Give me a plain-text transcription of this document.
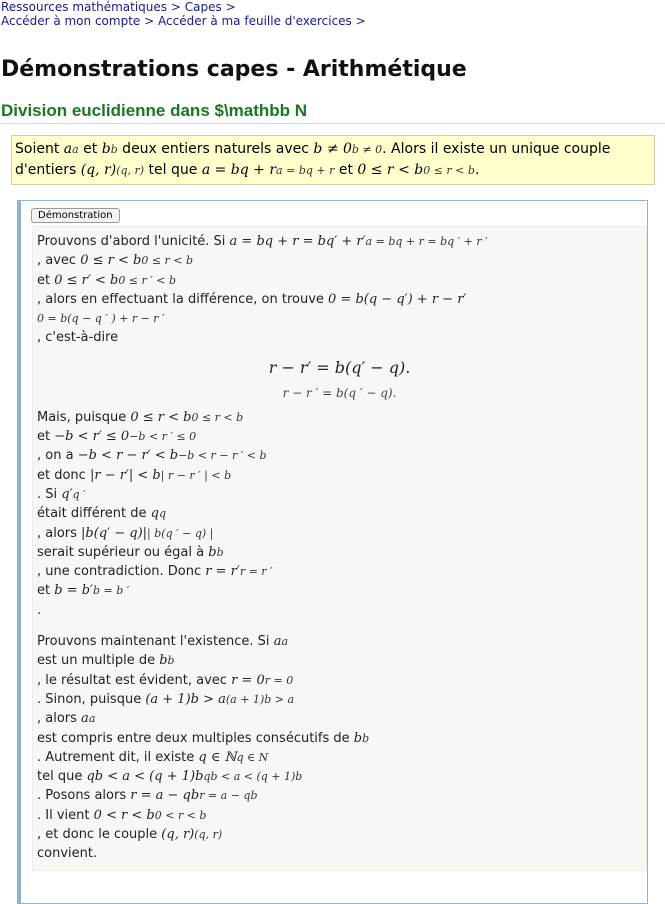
Ressources mathématiques > Capes >
Accéder à mon compte > Accéder à ma feuille d'exercices >
Démonstrations capes - Arithmétique
Division euclidienne dans $\mathbb N
Soient aa et bb deux entiers naturels avec b ≠ 0b ≠ 0. Alors il existe un unique couple
d'entiers (q, r)(q, r) tel que a = bq + ra = bq + r et 0 ≤ r < b0 ≤ r < b.
Démonstration

Prouvons d'abord l'unicité. Si a = bq + r = bq′ + r′a = bq + r = bq ′ + r ′

, avec 0 ≤ r < b0 ≤ r < b

et 0 ≤ r′ < b0 ≤ r ′ < b

, alors en effectuant la différence, on trouve 0 = b(q − q′) + r − r′

0 = b(q − q ′ ) + r − r ′

, c'est-à-dire

r − r′ = b(q′ − q).
r − r ′ = b(q ′ − q).

Mais, puisque 0 ≤ r < b0 ≤ r < b

et −b < r′ ≤ 0−b < r ′ ≤ 0

, on a −b < r − r′ < b−b < r − r ′ < b

et donc |r − r′| < b| r − r ′ | < b

. Si q′q ′

était différent de qq

, alors |b(q′ − q)|| b(q ′ − q) |

serait supérieur ou égal à bb

, une contradiction. Donc r = r′r = r ′

et b = b′b = b ′

.

Prouvons maintenant l'existence. Si aa

est un multiple de bb

, le résultat est évident, avec r = 0r = 0

. Sinon, puisque (a + 1)b > a(a + 1)b > a

, alors aa

est compris entre deux multiples consécutifs de bb

. Autrement dit, il existe q ∈ ℕq ∈ N

tel que qb < a < (q + 1)bqb < a < (q + 1)b

. Posons alors r = a − qbr = a − qb

. Il vient 0 < r < b0 < r < b

, et donc le couple (q, r)(q, r)

convient.
